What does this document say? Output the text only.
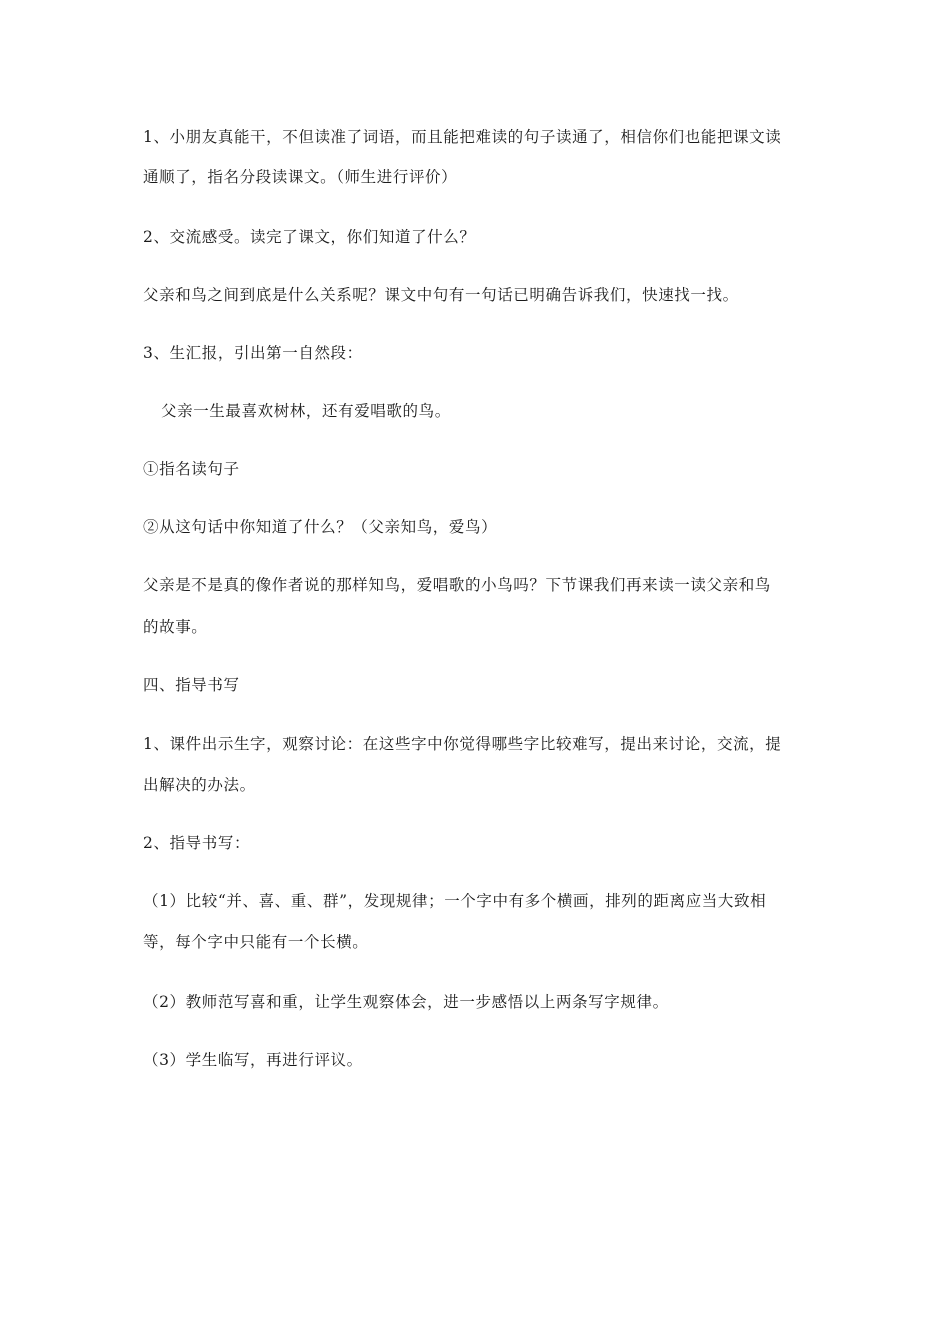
1、小朋友真能干，不但读准了词语，而且能把难读的句子读通了，相信你们也能把课文读
通顺了，指名分段读课文。（师生进行评价）
2、交流感受。读完了课文，你们知道了什么？
父亲和鸟之间到底是什么关系呢？课文中句有一句话已明确告诉我们，快速找一找。
3、生汇报，引出第一自然段：
父亲一生最喜欢树林，还有爱唱歌的鸟。
①指名读句子
②从这句话中你知道了什么？（父亲知鸟，爱鸟）
父亲是不是真的像作者说的那样知鸟，爱唱歌的小鸟吗？下节课我们再来读一读父亲和鸟
的故事。
四、指导书写
1、课件出示生字，观察讨论：在这些字中你觉得哪些字比较难写，提出来讨论，交流，提
出解决的办法。
2、指导书写：
（1）比较“并、喜、重、群”，发现规律；一个字中有多个横画，排列的距离应当大致相
等，每个字中只能有一个长横。
（2）教师范写喜和重，让学生观察体会，进一步感悟以上两条写字规律。
（3）学生临写，再进行评议。
